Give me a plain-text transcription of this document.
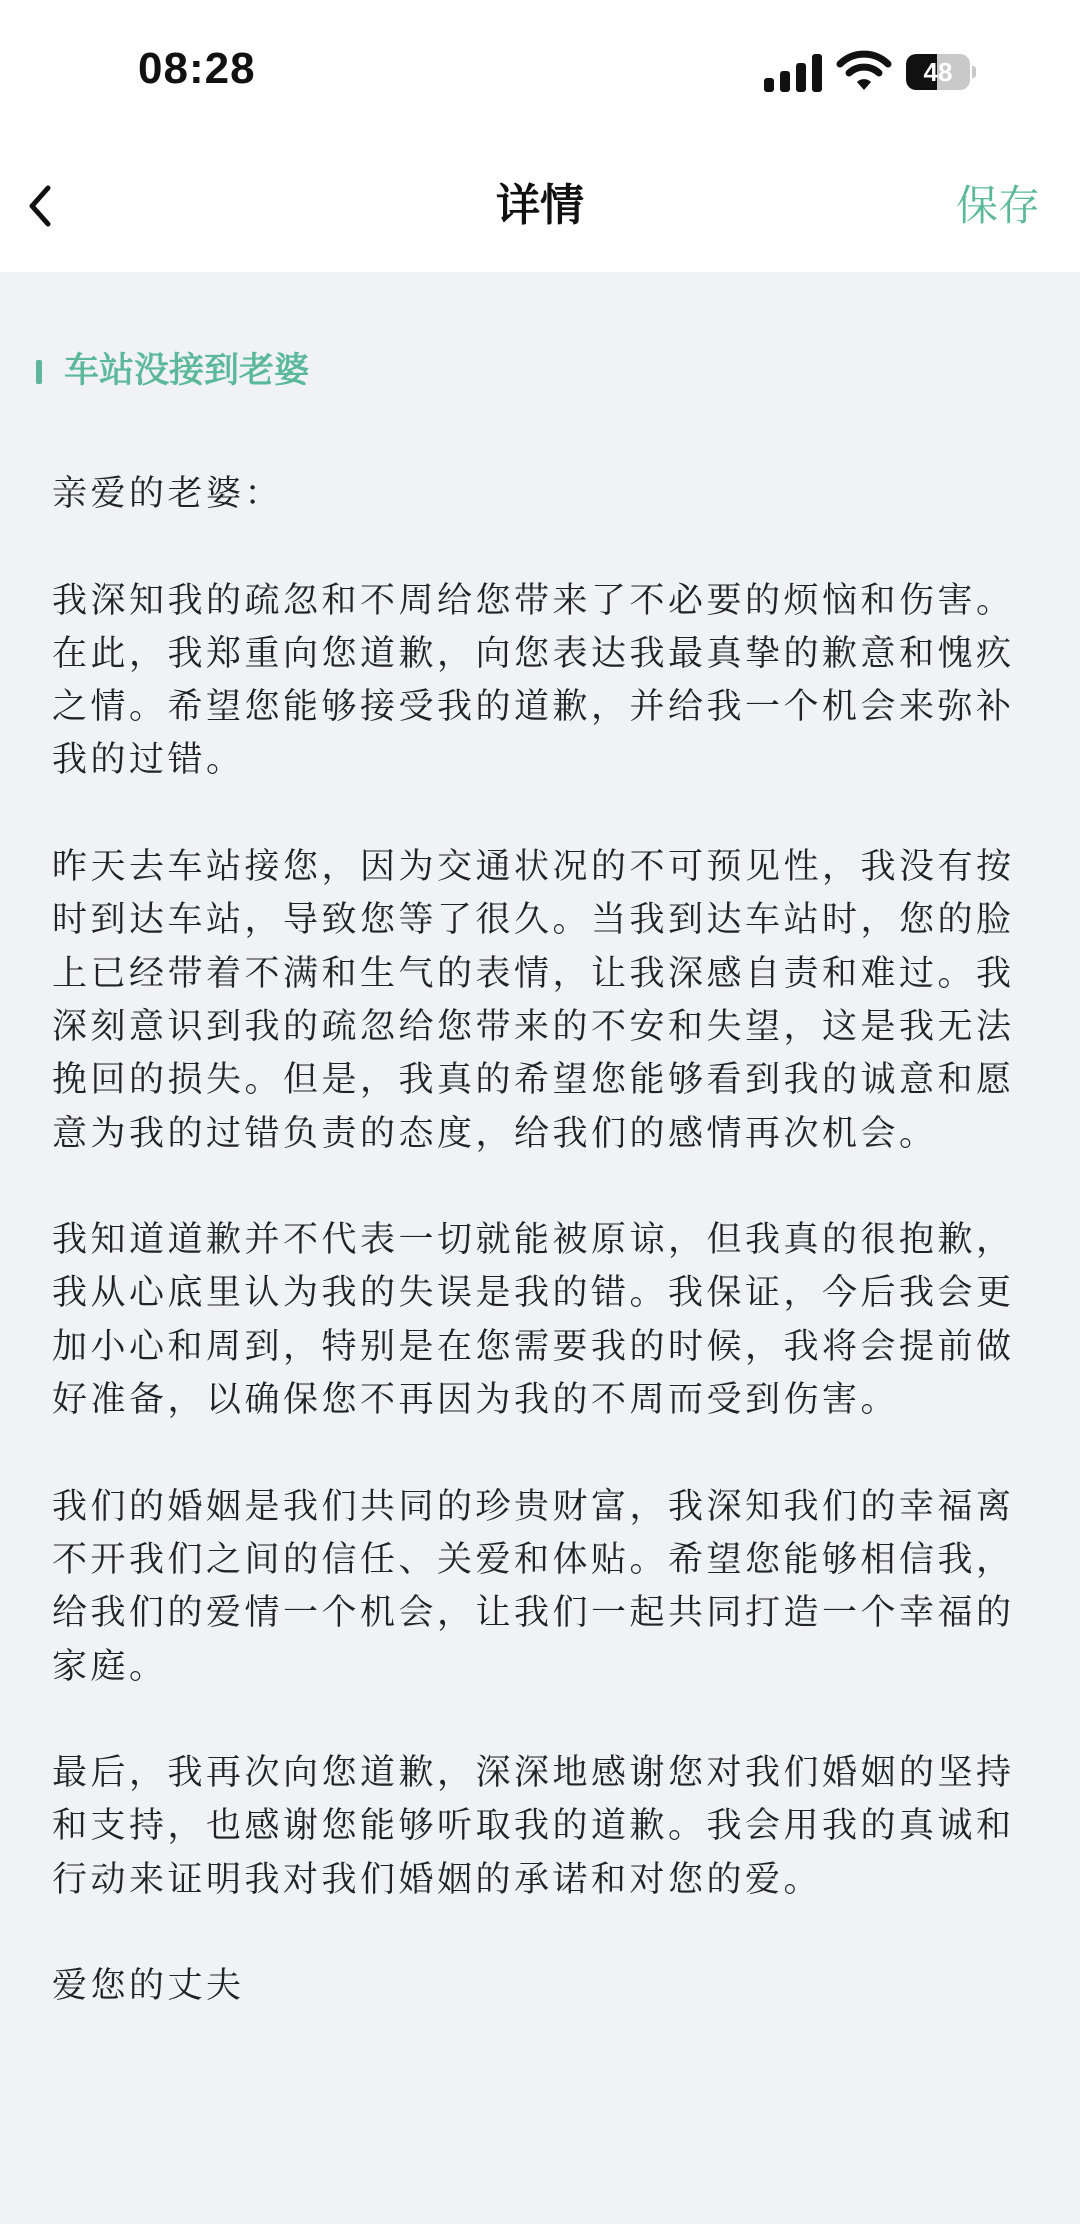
08:28	48
详情	保存
车站没接到老婆

亲爱的老婆：

我深知我的疏忽和不周给您带来了不必要的烦恼和伤害。在此，我郑重向您道歉，向您表达我最真挚的歉意和愧疚之情。希望您能够接受我的道歉，并给我一个机会来弥补我的过错。

昨天去车站接您，因为交通状况的不可预见性，我没有按时到达车站，导致您等了很久。当我到达车站时，您的脸上已经带着不满和生气的表情，让我深感自责和难过。我深刻意识到我的疏忽给您带来的不安和失望，这是我无法挽回的损失。但是，我真的希望您能够看到我的诚意和愿意为我的过错负责的态度，给我们的感情再次机会。

我知道道歉并不代表一切就能被原谅，但我真的很抱歉，我从心底里认为我的失误是我的错。我保证，今后我会更加小心和周到，特别是在您需要我的时候，我将会提前做好准备，以确保您不再因为我的不周而受到伤害。

我们的婚姻是我们共同的珍贵财富，我深知我们的幸福离不开我们之间的信任、关爱和体贴。希望您能够相信我，给我们的爱情一个机会，让我们一起共同打造一个幸福的家庭。

最后，我再次向您道歉，深深地感谢您对我们婚姻的坚持和支持，也感谢您能够听取我的道歉。我会用我的真诚和行动来证明我对我们婚姻的承诺和对您的爱。

爱您的丈夫
